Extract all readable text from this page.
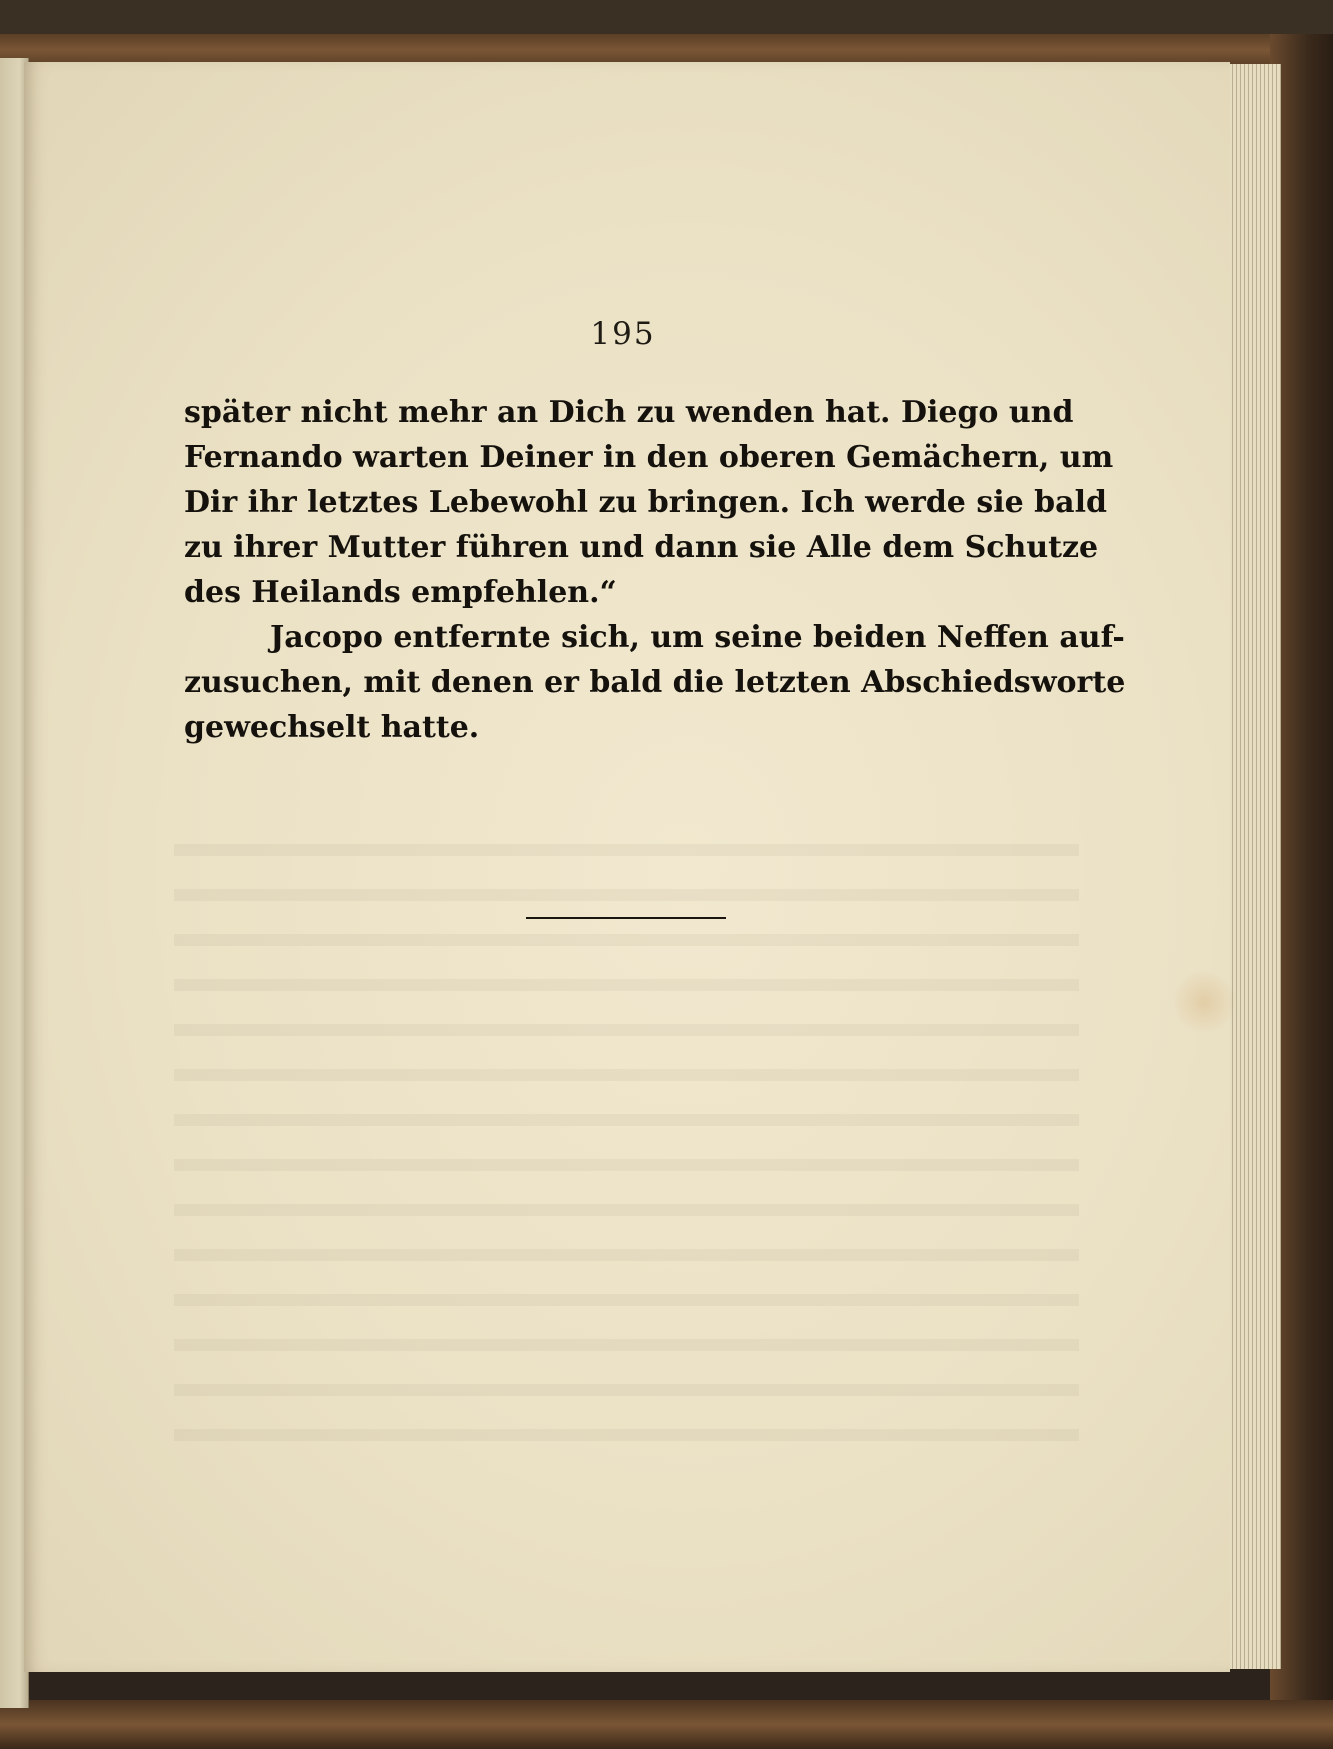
195
später nicht mehr an Dich zu wenden hat. Diego und
Fernando warten Deiner in den oberen Gemächern, um
Dir ihr letztes Lebewohl zu bringen. Ich werde sie bald
zu ihrer Mutter führen und dann sie Alle dem Schutze
des Heilands empfehlen.“
Jacopo entfernte sich, um seine beiden Neffen auf-
zusuchen, mit denen er bald die letzten Abschiedsworte
gewechselt hatte.
